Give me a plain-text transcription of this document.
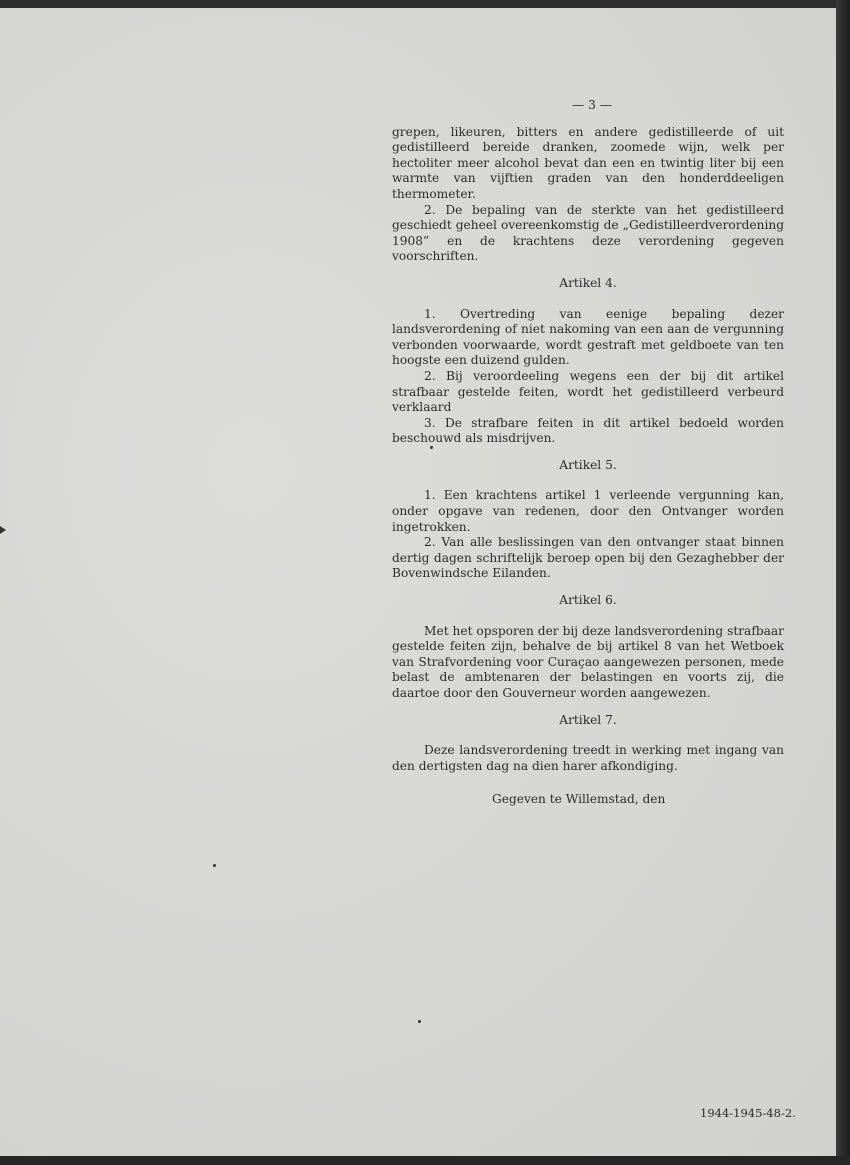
— 3 —

grepen, likeuren, bitters en andere gedistilleerde of uit gedistilleerd bereide dranken, zoomede wijn, welk per hectoliter meer alcohol bevat dan een en twintig liter bij een warmte van vijftien graden van den honderddeeligen thermometer.

2. De bepaling van de sterkte van het gedistilleerd geschiedt geheel overeenkomstig de „Gedistilleerdverordening 1908” en de krachtens deze verordening gegeven voorschriften.

Artikel 4.

1. Overtreding van eenige bepaling dezer landsverordening of niet nakoming van een aan de vergunning verbonden voorwaarde, wordt gestraft met geldboete van ten hoogste een duizend gulden.

2. Bij veroordeeling wegens een der bij dit artikel strafbaar gestelde feiten, wordt het gedistilleerd verbeurd verklaard

3. De strafbare feiten in dit artikel bedoeld worden beschouwd als misdrijven.

Artikel 5.

1. Een krachtens artikel 1 verleende vergunning kan, onder opgave van redenen, door den Ontvanger worden ingetrokken.

2. Van alle beslissingen van den ontvanger staat binnen dertig dagen schriftelijk beroep open bij den Gezaghebber der Bovenwindsche Eilanden.

Artikel 6.

Met het opsporen der bij deze landsverordening strafbaar gestelde feiten zijn, behalve de bij artikel 8 van het Wetboek van Strafvordening voor Curaçao aangewezen personen, mede belast de ambtenaren der belastingen en voorts zij, die daartoe door den Gouverneur worden aangewezen.

Artikel 7.

Deze landsverordening treedt in werking met ingang van den dertigsten dag na dien harer afkondiging.

Gegeven te Willemstad, den

1944-1945-48-2.
